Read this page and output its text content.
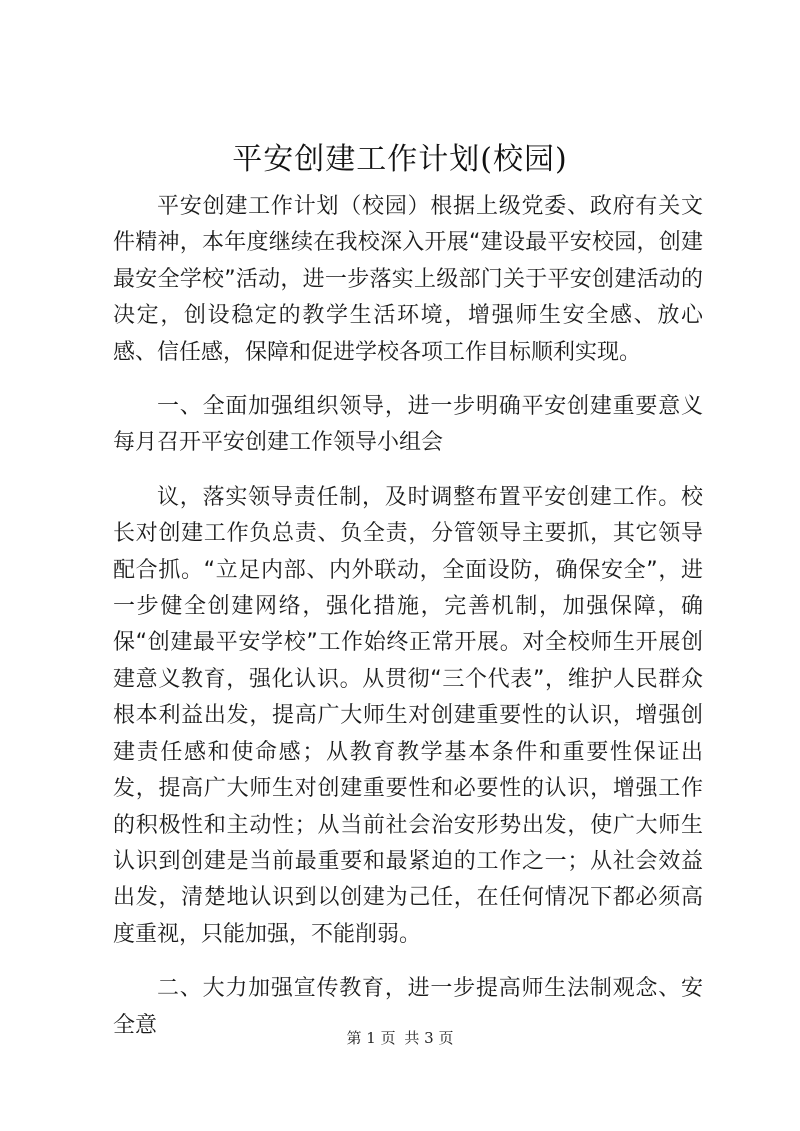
平安创建工作计划(校园)

平安创建工作计划（校园）根据上级党委、政府有关文件精神，本年度继续在我校深入开展“建设最平安校园，创建最安全学校”活动，进一步落实上级部门关于平安创建活动的决定，创设稳定的教学生活环境，增强师生安全感、放心感、信任感，保障和促进学校各项工作目标顺利实现。

一、全面加强组织领导，进一步明确平安创建重要意义每月召开平安创建工作领导小组会

议，落实领导责任制，及时调整布置平安创建工作。校长对创建工作负总责、负全责，分管领导主要抓，其它领导配合抓。“立足内部、内外联动，全面设防，确保安全”，进一步健全创建网络，强化措施，完善机制，加强保障，确保“创建最平安学校”工作始终正常开展。对全校师生开展创建意义教育，强化认识。从贯彻“三个代表”，维护人民群众根本利益出发，提高广大师生对创建重要性的认识，增强创建责任感和使命感；从教育教学基本条件和重要性保证出发，提高广大师生对创建重要性和必要性的认识，增强工作的积极性和主动性；从当前社会治安形势出发，使广大师生认识到创建是当前最重要和最紧迫的工作之一；从社会效益出发，清楚地认识到以创建为己任，在任何情况下都必须高度重视，只能加强，不能削弱。

二、大力加强宣传教育，进一步提高师生法制观念、安全意

第 1 页 共 3 页
